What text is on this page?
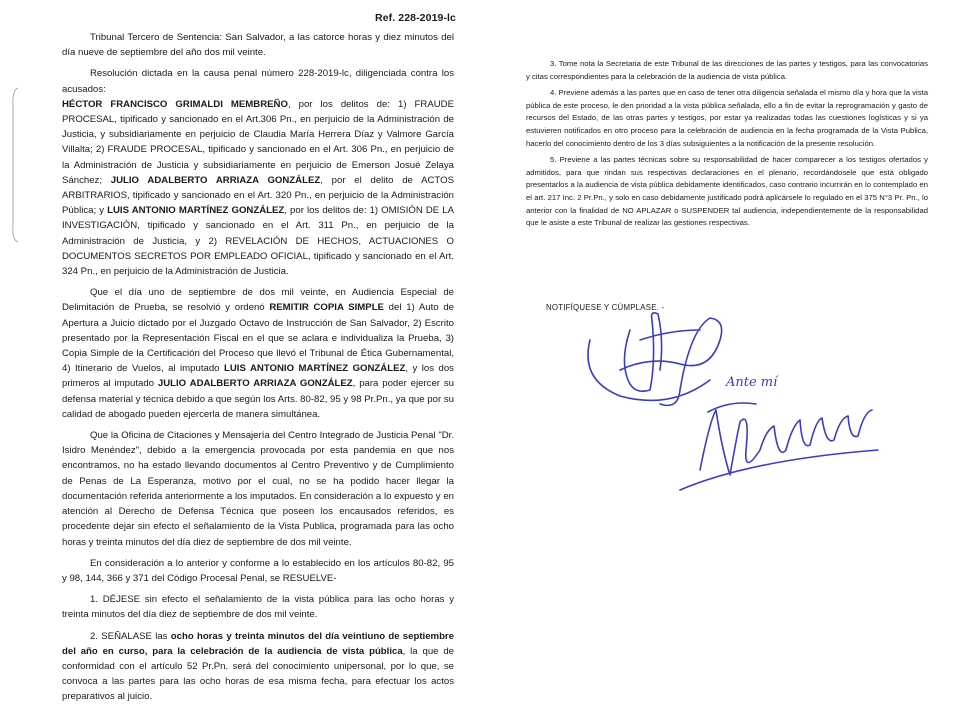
Ref. 228-2019-lc

Tribunal Tercero de Sentencia: San Salvador, a las catorce horas y diez minutos del día nueve de septiembre del año dos mil veinte.

Resolución dictada en la causa penal número 228-2019-lc, diligenciada contra los acusados:
HÉCTOR FRANCISCO GRIMALDI MEMBREÑO, por los delitos de: 1) FRAUDE PROCESAL, tipificado y sancionado en el Art.306 Pn., en perjuicio de la Administración de Justicia, y subsidiariamente en perjuicio de Claudia María Herrera Díaz y Valmore García Villalta; 2) FRAUDE PROCESAL, tipificado y sancionado en el Art. 306 Pn., en perjuicio de la Administración de Justicia y subsidiariamente en perjuicio de Emerson Josué Zelaya Sánchez; JULIO ADALBERTO ARRIAZA GONZÁLEZ, por el delito de ACTOS ARBITRARIOS, tipificado y sancionado en el Art. 320 Pn., en perjuicio de la Administración Pública; y LUIS ANTONIO MARTÍNEZ GONZÁLEZ, por los delitos de: 1) OMISIÓN DE LA INVESTIGACIÓN, tipificado y sancionado en el Art. 311 Pn., en perjuicio de la Administración de Justicia, y 2) REVELACIÓN DE HECHOS, ACTUACIONES O DOCUMENTOS SECRETOS POR EMPLEADO OFICIAL, tipificado y sancionado en el Art. 324 Pn., en perjuicio de la Administración de Justicia.

Que el día uno de septiembre de dos mil veinte, en Audiencia Especial de Delimitación de Prueba, se resolvió y ordenó REMITIR COPIA SIMPLE del 1) Auto de Apertura a Juicio dictado por el Juzgado Octavo de Instrucción de San Salvador, 2) Escrito presentado por la Representación Fiscal en el que se aclara e individualiza la Prueba, 3) Copia Simple de la Certificación del Proceso que llevó el Tribunal de Ética Gubernamental, 4) Itinerario de Vuelos, al imputado LUIS ANTONIO MARTÍNEZ GONZÁLEZ, y los dos primeros al imputado JULIO ADALBERTO ARRIAZA GONZÁLEZ, para poder ejercer su defensa material y técnica debido a que según los Arts. 80-82, 95 y 98 Pr.Pn., ya que por su calidad de abogado pueden ejercerla de manera simultánea.

Que la Oficina de Citaciones y Mensajería del Centro Integrado de Justicia Penal "Dr. Isidro Menéndez", debido a la emergencia provocada por esta pandemia en que nos encontramos, no ha estado llevando documentos al Centro Preventivo y de Cumplimiento de Penas de La Esperanza, motivo por el cual, no se ha podido hacer llegar la documentación referida anteriormente a los imputados. En consideración a lo expuesto y en atención al Derecho de Defensa Técnica que poseen los encausados referidos, es procedente dejar sin efecto el señalamiento de la Vista Publica, programada para las ocho horas y treinta minutos del día diez de septiembre de dos mil veinte.

En consideración a lo anterior y conforme a lo establecido en los artículos 80-82, 95 y 98, 144, 366 y 371 del Código Procesal Penal, se RESUELVE-

1. DÉJESE sin efecto el señalamiento de la vista pública para las ocho horas y treinta minutos del día diez de septiembre de dos mil veinte.

2. SEÑALASE las ocho horas y treinta minutos del día veintiuno de septiembre del año en curso, para la celebración de la audiencia de vista pública, la que de conformidad con el artículo 52 Pr.Pn. será del conocimiento unipersonal, por lo que, se convoca a las partes para las ocho horas de esa misma fecha, para efectuar los actos preparativos al juicio.

3. Tome nota la Secretaria de este Tribunal de las direcciones de las partes y testigos, para las convocatorias y citas correspondientes para la celebración de la audiencia de vista pública.

4. Previene además a las partes que en caso de tener otra diligencia señalada el mismo día y hora que la vista pública de este proceso, le den prioridad a la vista pública señalada, ello a fin de evitar la reprogramación y gasto de recursos del Estado, de las otras partes y testigos, por estar ya realizadas todas las cuestiones logísticas y si ya estuvieren notificados en otro proceso para la celebración de audiencia en la fecha programada de la Vista Publica, hacerlo del conocimiento dentro de los 3 días subsiguientes a la notificación de la presente resolución.

5. Previene a las partes técnicas sobre su responsabilidad de hacer comparecer a los testigos ofertados y admitidos, para que rindan sus respectivas declaraciones en el plenario, recordándosele que está obligado presentarlos a la audiencia de vista pública debidamente identificados, caso contrario incurrirán en lo contemplado en el art. 217 Inc. 2 Pr.Pn., y solo en caso debidamente justificado podrá aplicársele lo regulado en el 375 N°3 Pr. Pn., lo anterior con la finalidad de NO APLAZAR o SUSPENDER tal audiencia, independientemente de la responsabilidad que le asiste a este Tribunal de realizar las gestiones respectivas.

NOTIFÍQUESE Y CÚMPLASE. -
Ante mí
